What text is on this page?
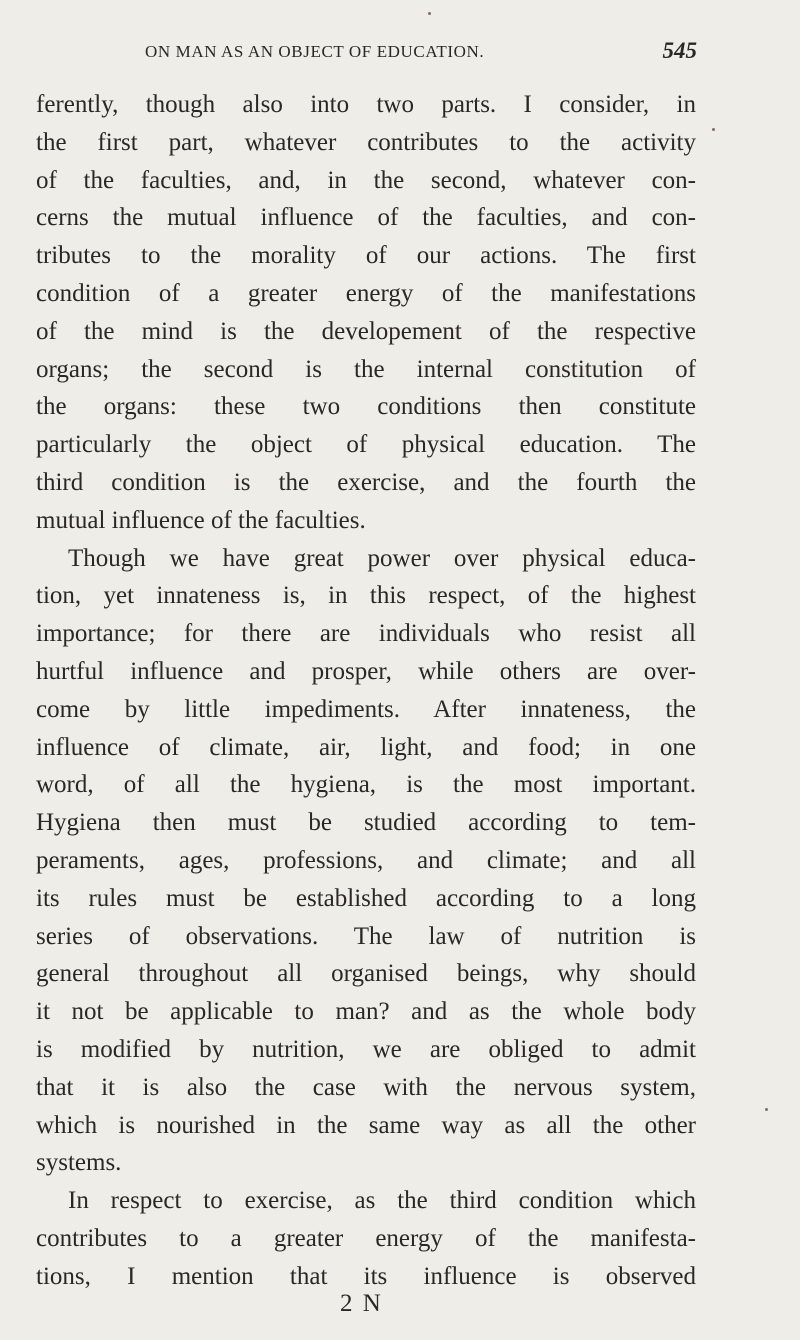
ON MAN AS AN OBJECT OF EDUCATION.	545
ferently, though also into two parts. I consider, in
the first part, whatever contributes to the activity
of the faculties, and, in the second, whatever con-
cerns the mutual influence of the faculties, and con-
tributes to the morality of our actions. The first
condition of a greater energy of the manifestations
of the mind is the developement of the respective
organs; the second is the internal constitution of
the organs: these two conditions then constitute
particularly the object of physical education. The
third condition is the exercise, and the fourth the
mutual influence of the faculties.
Though we have great power over physical educa-
tion, yet innateness is, in this respect, of the highest
importance; for there are individuals who resist all
hurtful influence and prosper, while others are over-
come by little impediments. After innateness, the
influence of climate, air, light, and food; in one
word, of all the hygiena, is the most important.
Hygiena then must be studied according to tem-
peraments, ages, professions, and climate; and all
its rules must be established according to a long
series of observations. The law of nutrition is
general throughout all organised beings, why should
it not be applicable to man? and as the whole body
is modified by nutrition, we are obliged to admit
that it is also the case with the nervous system,
which is nourished in the same way as all the other
systems.
In respect to exercise, as the third condition which
contributes to a greater energy of the manifesta-
tions, I mention that its influence is observed
2 N
